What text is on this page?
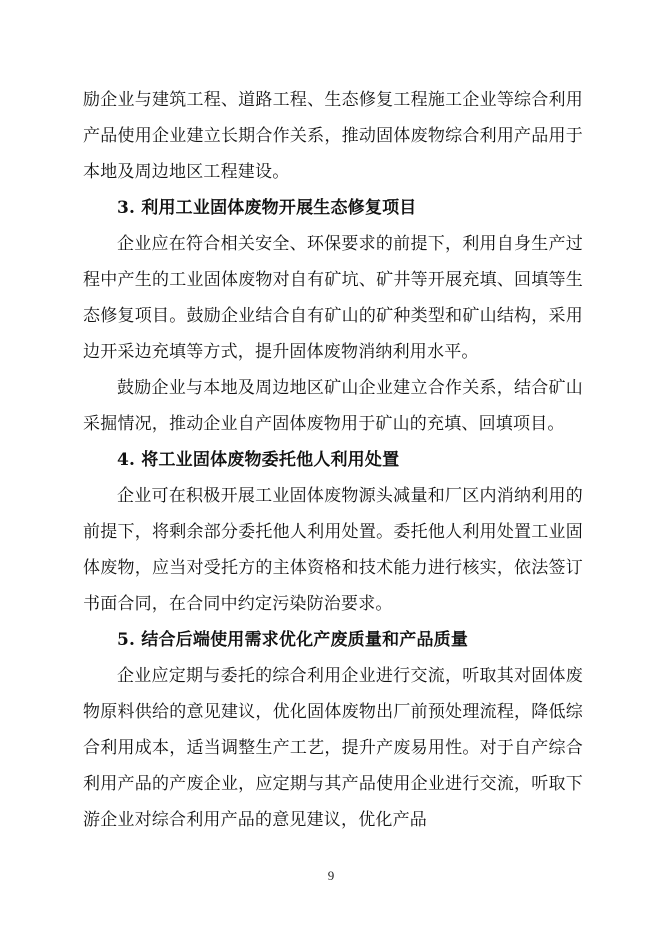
励企业与建筑工程、道路工程、生态修复工程施工企业等综合利用产品使用企业建立长期合作关系，推动固体废物综合利用产品用于本地及周边地区工程建设。

3. 利用工业固体废物开展生态修复项目

企业应在符合相关安全、环保要求的前提下，利用自身生产过程中产生的工业固体废物对自有矿坑、矿井等开展充填、回填等生态修复项目。鼓励企业结合自有矿山的矿种类型和矿山结构，采用边开采边充填等方式，提升固体废物消纳利用水平。

鼓励企业与本地及周边地区矿山企业建立合作关系，结合矿山采掘情况，推动企业自产固体废物用于矿山的充填、回填项目。

4. 将工业固体废物委托他人利用处置

企业可在积极开展工业固体废物源头减量和厂区内消纳利用的前提下，将剩余部分委托他人利用处置。委托他人利用处置工业固体废物，应当对受托方的主体资格和技术能力进行核实，依法签订书面合同，在合同中约定污染防治要求。

5. 结合后端使用需求优化产废质量和产品质量

企业应定期与委托的综合利用企业进行交流，听取其对固体废物原料供给的意见建议，优化固体废物出厂前预处理流程，降低综合利用成本，适当调整生产工艺，提升产废易用性。对于自产综合利用产品的产废企业，应定期与其产品使用企业进行交流，听取下游企业对综合利用产品的意见建议，优化产品

9
